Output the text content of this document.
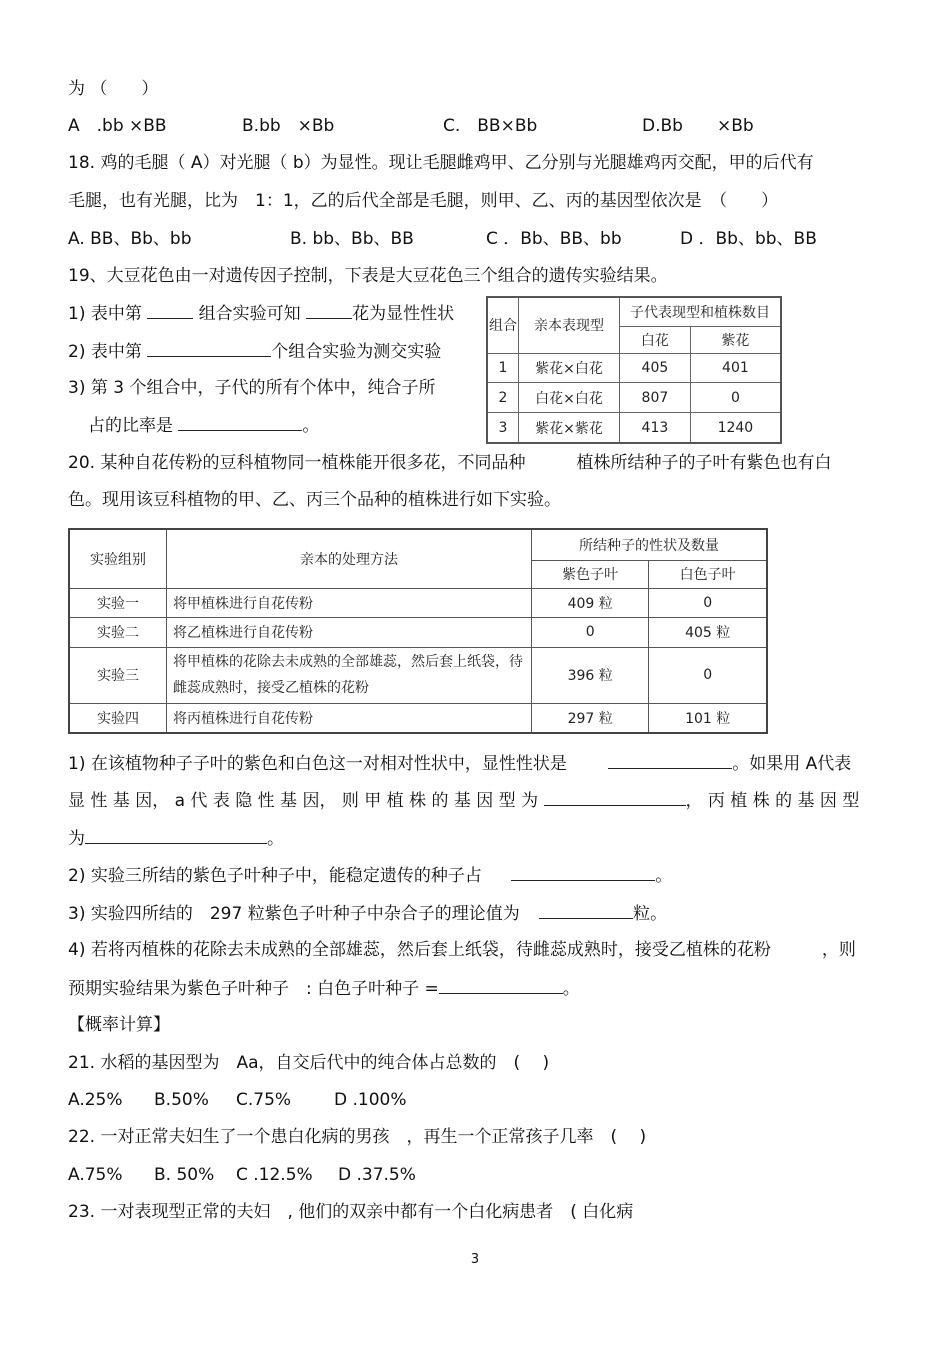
为 （　　）
A　.bb ×BB	B.bb　×Bb	C.　BB×Bb	D.Bb　　×Bb
18. 鸡的毛腿（ A）对光腿（ b）为显性。现让毛腿雌鸡甲、乙分别与光腿雄鸡丙交配，甲的后代有
毛腿，也有光腿，比为　1：1，乙的后代全部是毛腿，则甲、乙、丙的基因型依次是　（　　）
A. BB、Bb、bb	B. bb、Bb、BB	C ．Bb、BB、bb	D ．Bb、bb、BB
19、大豆花色由一对遗传因子控制，下表是大豆花色三个组合的遗传实验结果。
1) 表中第	组合实验可知	花为显性性状
2) 表中第	个组合实验为测交实验
3) 第 3 个组合中，子代的所有个体中，纯合子所
占的比率是	。
组合	亲本表现型	子代表现型和植株数目	
		白花	紫花
1	紫花×白花	405	401
2	白花×白花	807	0
3	紫花×紫花	413	1240
20. 某种自花传粉的豆科植物同一植株能开很多花，不同品种　　　植株所结种子的子叶有紫色也有白
色。现用该豆科植物的甲、乙、丙三个品种的植株进行如下实验。
实验组别	亲本的处理方法	所结种子的性状及数量	
		紫色子叶	白色子叶
实验一	将甲植株进行自花传粉	409 粒	0
实验二	将乙植株进行自花传粉	0	405 粒
实验三	将甲植株的花除去未成熟的全部雄蕊，然后套上纸袋，待雌蕊成熟时，接受乙植株的花粉	396 粒	0
实验四	将丙植株进行自花传粉	297 粒	101 粒
1) 在该植物种子子叶的紫色和白色这一对相对性状中，显性性状是	。如果用 A代表
显 性 基 因， a 代 表 隐 性 基 因， 则 甲 植 株 的 基 因 型 为	， 丙 植 株 的 基 因 型
为	。
2) 实验三所结的紫色子叶种子中，能稳定遗传的种子占	。
3) 实验四所结的　297 粒紫色子叶种子中杂合子的理论值为	粒。
4) 若将丙植株的花除去未成熟的全部雄蕊，然后套上纸袋，待雌蕊成熟时，接受乙植株的花粉　　　，则
预期实验结果为紫色子叶种子　: 白色子叶种子 =	。
【概率计算】
21. 水稻的基因型为　Aa，自交后代中的纯合体占总数的　( 　)
A.25% B.50% C.75%	D .100%
22. 一对正常夫妇生了一个患白化病的男孩　，再生一个正常孩子几率　( 　)
A.75% B. 50% C .12.5% D .37.5%
23. 一对表现型正常的夫妇　, 他们的双亲中都有一个白化病患者　( 白化病
3
